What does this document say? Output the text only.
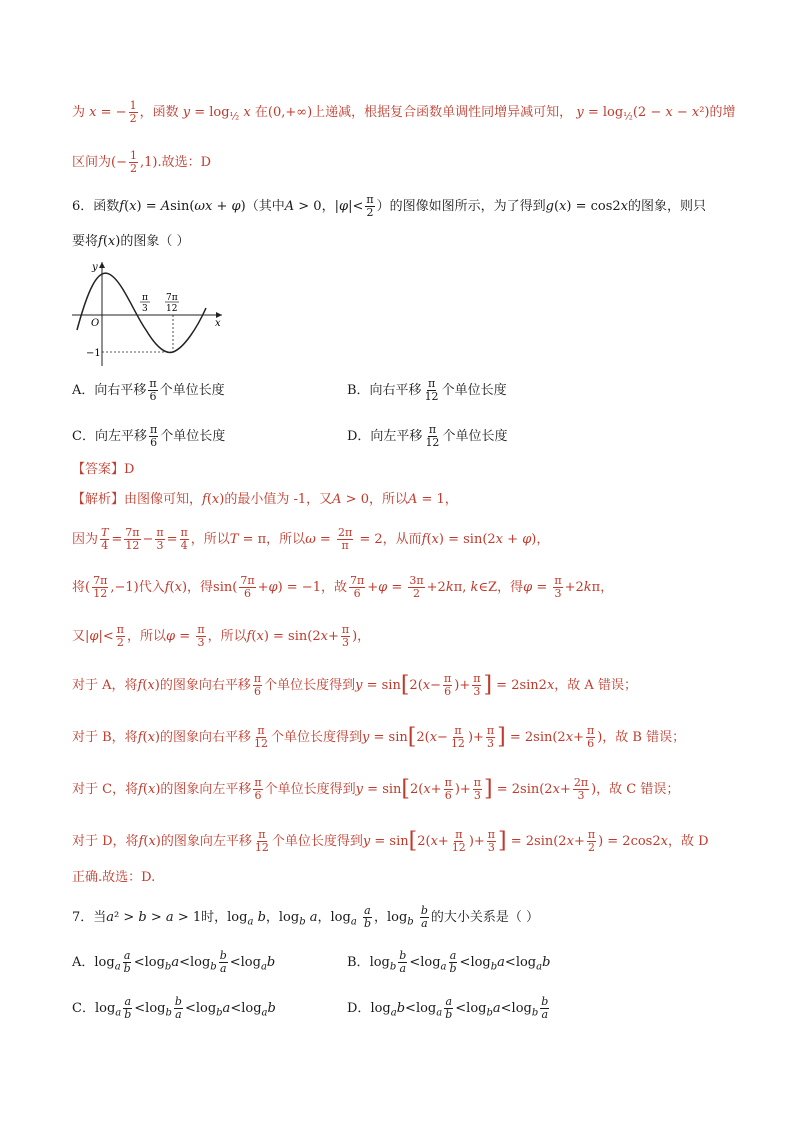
为 x = − $\frac{1}{2}$ ，函数 $y = \log_{\frac{1}{2}} x$ 在(0,+∞)上递减，根据复合函数单调性同增异减可知， $y = \log_{\frac{1}{2}}(2 - x - x^2)$的增
区间为(− $\frac{1}{2} ,1$).故选：D
6．函数f(x) = Asin(ωx + φ)（其中A > 0，$|\varphi|< \frac{\pi}{2}$ ）的图像如图所示，为了得到g(x) = cos2x的图象，则只
要将f(x)的图象（ ）
y
x
O
−1
π
3
7π
12
A．向右平移 $\frac{\pi}{6}$ 个单位长度	B．向右平移 $\frac{\pi}{12}$ 个单位长度
C．向左平移 $\frac{\pi}{6}$ 个单位长度	D．向左平移 $\frac{\pi}{12}$ 个单位长度
【答案】D
【解析】由图像可知，f(x)的最小值为 -1，又A > 0，所以A = 1，
因为 $\frac{T}{4} = \frac{7\pi}{12} - \frac{\pi}{3} = \frac{\pi}{4}$ ，所以T = π，所以$\omega = \frac{2\pi}{\pi} = 2$，从而f(x) = sin(2x + φ)，
将( $\frac{7\pi}{12} ,-1$)代入f(x)，得$\sin( \frac{7\pi}{6} +\varphi) = -1$，故 $\frac{7\pi}{6} +\varphi = \frac{3\pi}{2} +2k\pi$, k∈Z，得$\varphi = \frac{\pi}{3} +2k\pi$，
又$|\varphi|< \frac{\pi}{2}$ ，所以$\varphi = \frac{\pi}{3}$ ，所以$f(x) = \sin(2x+ \frac{\pi}{3}$ )，
对于 A，将f(x)的图象向右平移 $\frac{\pi}{6}$ 个单位长度得到$y = \sin[2(x- \frac{\pi}{6}$ )+ $\frac{\pi}{3}$ ] = 2sin2x，故 A 错误；
对于 B，将f(x)的图象向右平移 $\frac{\pi}{12}$ 个单位长度得到$y = \sin[2(x- \frac{\pi}{12}$ )+ $\frac{\pi}{3}$ ] = $2\sin(2x+ \frac{\pi}{6}$ )，故 B 错误；
对于 C，将f(x)的图象向左平移 $\frac{\pi}{6}$ 个单位长度得到$y = \sin[2(x+ \frac{\pi}{6}$ )+ $\frac{\pi}{3}$ ] = $2\sin(2x+ \frac{2\pi}{3}$ )，故 C 错误；
对于 D，将f(x)的图象向左平移 $\frac{\pi}{12}$ 个单位长度得到$y = \sin[2(x+ \frac{\pi}{12}$ )+ $\frac{\pi}{3}$ ] = $2\sin(2x+ \frac{\pi}{2}$ ) = 2cos2x，故 D
正确.故选：D.
7．当a² > b > a > 1时，$\log_a b$，$\log_b a$，$\log_a \frac{a}{b}$ ，$\log_b \frac{b}{a}$ 的大小关系是（ ）
A．$\log_a \frac{a}{b} <\log_ba<\log_b \frac{b}{a} <\log_ab$	B．$\log_b \frac{b}{a} <\log_a \frac{a}{b} <\log_ba<\log_ab$
C．$\log_a \frac{a}{b} <\log_b \frac{b}{a} <\log_ba<\log_ab$	D．$\log_ab<\log_a \frac{a}{b} <\log_ba<\log_b \frac{b}{a}$
